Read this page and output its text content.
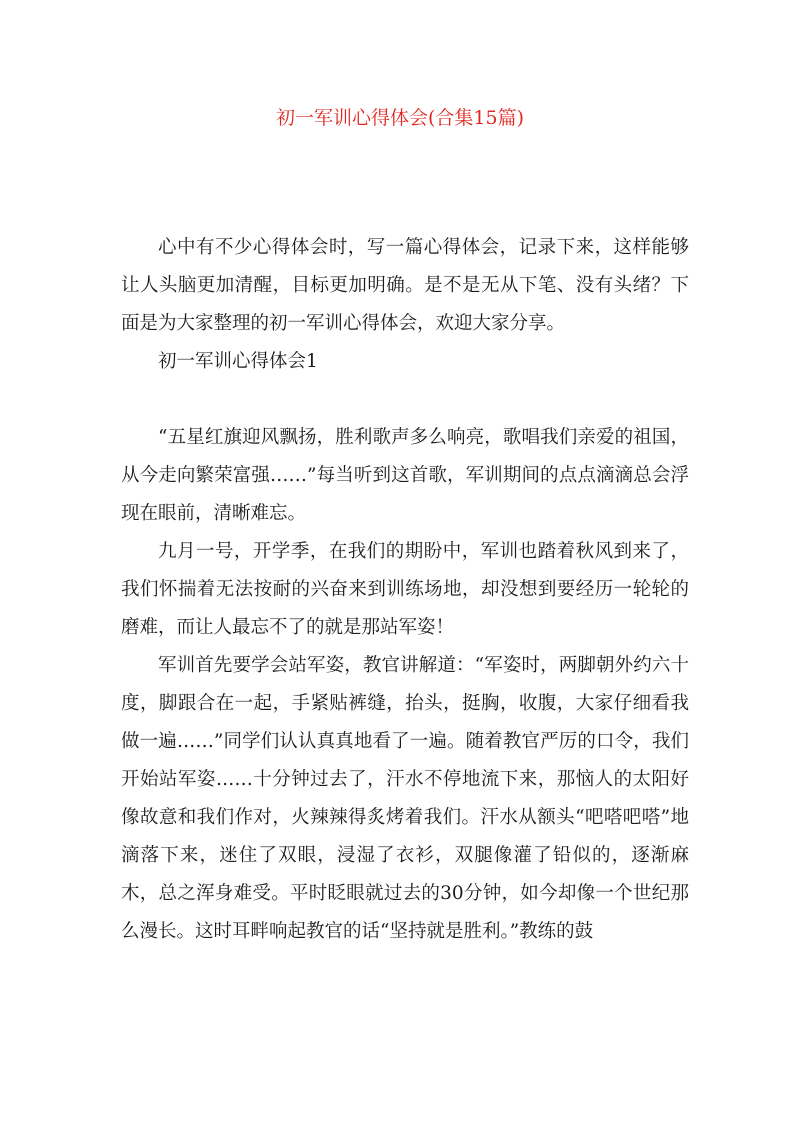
初一军训心得体会(合集15篇)

心中有不少心得体会时，写一篇心得体会，记录下来，这样能够让人头脑更加清醒，目标更加明确。是不是无从下笔、没有头绪？下面是为大家整理的初一军训心得体会，欢迎大家分享。

初一军训心得体会1

“五星红旗迎风飘扬，胜利歌声多么响亮，歌唱我们亲爱的祖国，从今走向繁荣富强……”每当听到这首歌，军训期间的点点滴滴总会浮现在眼前，清晰难忘。

九月一号，开学季，在我们的期盼中，军训也踏着秋风到来了，我们怀揣着无法按耐的兴奋来到训练场地，却没想到要经历一轮轮的磨难，而让人最忘不了的就是那站军姿！

军训首先要学会站军姿，教官讲解道：“军姿时，两脚朝外约六十度，脚跟合在一起，手紧贴裤缝，抬头，挺胸，收腹，大家仔细看我做一遍……”同学们认认真真地看了一遍。随着教官严厉的口令，我们开始站军姿……十分钟过去了，汗水不停地流下来，那恼人的太阳好像故意和我们作对，火辣辣得炙烤着我们。汗水从额头“吧嗒吧嗒”地滴落下来，迷住了双眼，浸湿了衣衫，双腿像灌了铅似的，逐渐麻木，总之浑身难受。平时眨眼就过去的30分钟，如今却像一个世纪那么漫长。这时耳畔响起教官的话“坚持就是胜利。”教练的鼓
